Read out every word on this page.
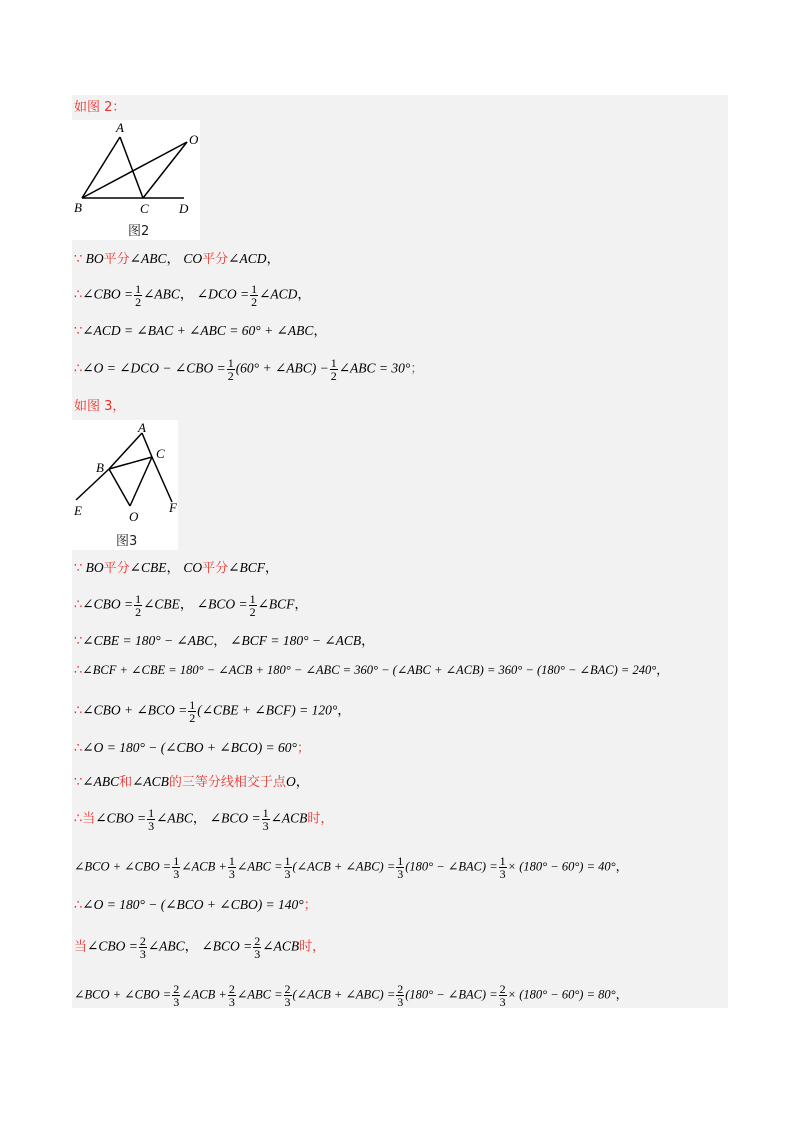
如图 2：
A
O
B	C D
图2
∵ BO平分∠ABC， CO平分∠ACD，
∴∠CBO = $\frac{1}{2}$ ∠ABC， ∠DCO = $\frac{1}{2}$ ∠ACD，
∵∠ACD = ∠BAC + ∠ABC = 60° + ∠ABC，
∴∠O = ∠DCO − ∠CBO = $\frac{1}{2} (60^\circ$ + ∠ABC) − $\frac{1}{2}$ ∠ABC = 30°；
如图 3，
A
B
C
E	O
F
图3
∵ BO平分∠CBE， CO平分∠BCF，
∴∠CBO = $\frac{1}{2}$ ∠CBE， ∠BCO = $\frac{1}{2}$ ∠BCF，
∵∠CBE = 180° − ∠ABC， ∠BCF = 180° − ∠ACB，
∴∠BCF + ∠CBE = 180° − ∠ACB + 180° − ∠ABC = 360° − (∠ABC + ∠ACB) = 360° − (180° − ∠BAC) = 240°，
∴∠CBO + ∠BCO = $\frac{1}{2}$ (∠CBE + ∠BCF) = 120°，
∴∠O = 180° − (∠CBO + ∠BCO) = 60°；
∵∠ABC和∠ACB的三等分线相交于点O，
∴当∠CBO = $\frac{1}{3}$ ∠ABC， ∠BCO = $\frac{1}{3}$ ∠ACB时，
∠BCO + ∠CBO = $\frac{1}{3}$ ∠ACB + $\frac{1}{3}$ ∠ABC = $\frac{1}{3}$ (∠ACB + ∠ABC) = $\frac{1}{3} (180^\circ$ − ∠BAC) = $\frac{1}{3} \times (180^\circ - 60^\circ) = 40^\circ$，
∴∠O = 180° − (∠BCO + ∠CBO) = 140°；
当∠CBO = $\frac{2}{3}$ ∠ABC， ∠BCO = $\frac{2}{3}$ ∠ACB时，
∠BCO + ∠CBO = $\frac{2}{3}$ ∠ACB + $\frac{2}{3}$ ∠ABC = $\frac{2}{3}$ (∠ACB + ∠ABC) = $\frac{2}{3} (180^\circ$ − ∠BAC) = $\frac{2}{3} \times (180^\circ - 60^\circ) = 80^\circ$，
